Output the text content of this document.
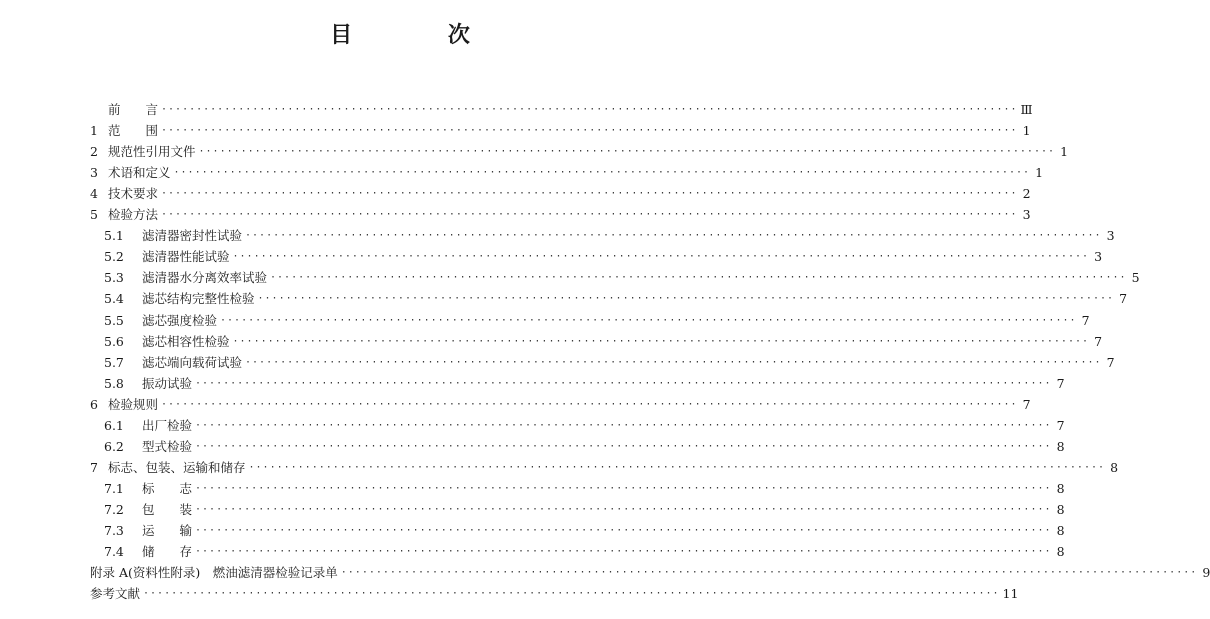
目 次
前　　言 ·························································································································· Ⅲ
1 范　　围 ·························································································································· 1
2 规范性引用文件 ·························································································································· 1
3 术语和定义 ·························································································································· 1
4 技术要求 ·························································································································· 2
5 检验方法 ·························································································································· 3
5.1	滤清器密封性试验 ·························································································································· 3
5.2	滤清器性能试验 ·························································································································· 3
5.3	滤清器水分离效率试验 ·························································································································· 5
5.4	滤芯结构完整性检验 ·························································································································· 7
5.5	滤芯强度检验 ·························································································································· 7
5.6	滤芯相容性检验 ·························································································································· 7
5.7	滤芯端向载荷试验 ·························································································································· 7
5.8	振动试验 ·························································································································· 7
6 检验规则 ·························································································································· 7
6.1	出厂检验 ·························································································································· 7
6.2	型式检验 ·························································································································· 8
7 标志、包装、运输和储存 ·························································································································· 8
7.1	标　　志 ·························································································································· 8
7.2	包　　装 ·························································································································· 8
7.3	运　　输 ·························································································································· 8
7.4	储　　存 ·························································································································· 8
附录 A(资料性附录)　燃油滤清器检验记录单 ·························································································································· 9
参考文献 ·························································································································· 11
